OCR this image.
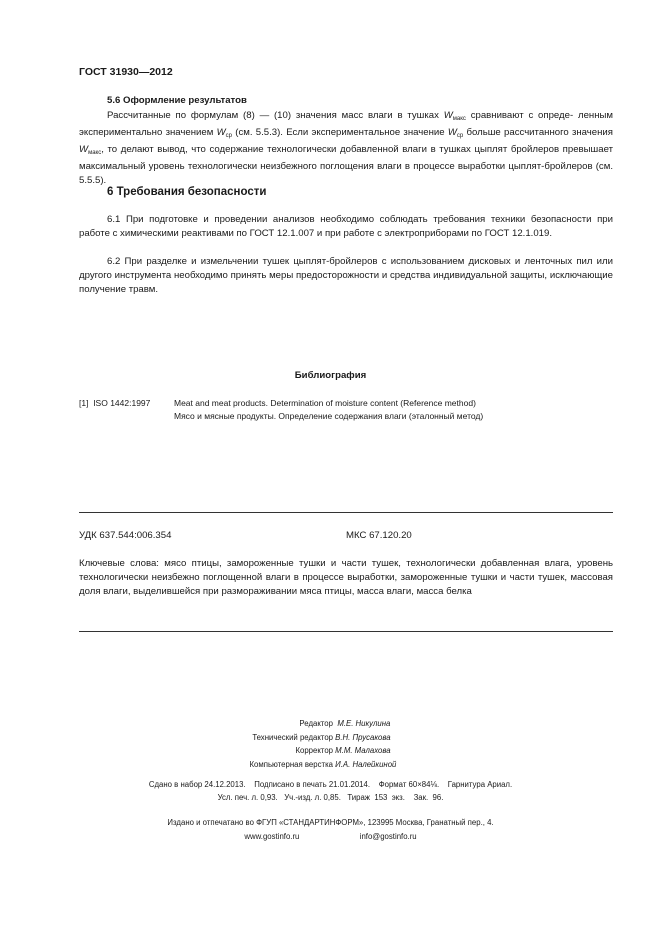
ГОСТ 31930—2012
5.6 Оформление результатов
Рассчитанные по формулам (8) — (10) значения масс влаги в тушках $W_{макс}$ сравнивают с опреде- ленным экспериментально значением $W_{ср}$ (см. 5.5.3). Если экспериментальное значение $W_{ср}$ больше рассчитанного значения $W_{макс}$, то делают вывод, что содержание технологически добавленной влаги в тушках цыплят бройлеров превышает максимальный уровень технологически неизбежного поглощения влаги в процессе выработки цыплят-бройлеров (см. 5.5.5).
6 Требования безопасности
6.1 При подготовке и проведении анализов необходимо соблюдать требования техники безопасности при работе с химическими реактивами по ГОСТ 12.1.007 и при работе с электроприборами по ГОСТ 12.1.019.
6.2 При разделке и измельчении тушек цыплят-бройлеров с использованием дисковых и ленточных пил или другого инструмента необходимо принять меры предосторожности и средства индивидуальной защиты, исключающие получение травм.
Библиография
[1] ISO 1442:1997	Meat and meat products. Determination of moisture content (Reference method)
Мясо и мясные продукты. Определение содержания влаги (эталонный метод)
УДК 637.544:006.354	МКС 67.120.20
Ключевые слова: мясо птицы, замороженные тушки и части тушек, технологически добавленная влага, уровень технологически неизбежно поглощенной влаги в процессе выработки, замороженные тушки и части тушек, массовая доля влаги, выделившейся при размораживании мяса птицы, масса влаги, масса белка
Редактор М.Е. Никулина
Технический редактор В.Н. Прусакова
Корректор М.М. Малахова
Компьютерная верстка И.А. Налейкиной
Сдано в набор 24.12.2013.    Подписано в печать 21.01.2014.    Формат 60×84⅛.    Гарнитура Ариал.
Усл. печ. л. 0,93.   Уч.-изд. л. 0,85.   Тираж  153  экз.    Зак.  96.
Издано и отпечатано во ФГУП «СТАНДАРТИНФОРМ», 123995 Москва, Гранатный пер., 4.
www.gostinfo.ru	info@gostinfo.ru
